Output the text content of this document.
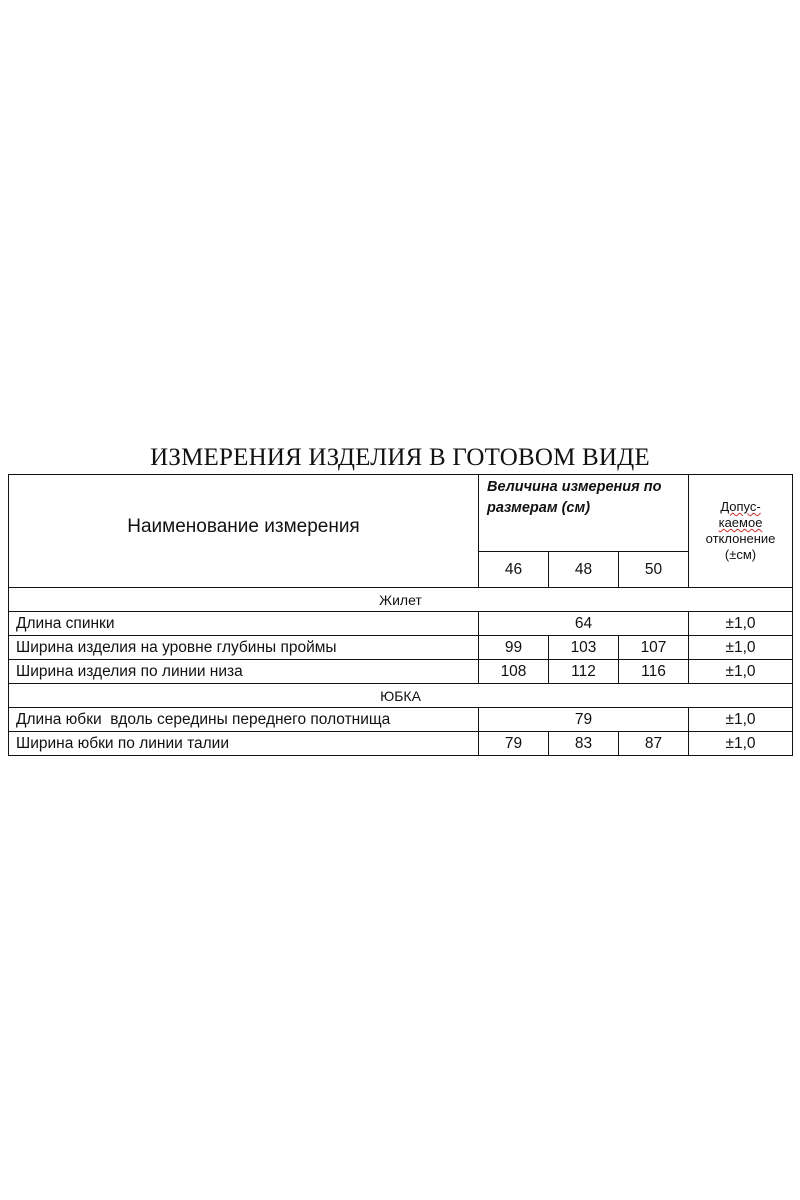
ИЗМЕРЕНИЯ ИЗДЕЛИЯ В ГОТОВОМ ВИДЕ
Наименование измерения	Величина измерения по размерам (см)			Допус-
каемое
отклонение
(±см)
	46	48	50	
Жилет				
Длина спинки	64			±1,0
Ширина изделия на уровне глубины проймы	99	103	107	±1,0
Ширина изделия по линии низа	108	112	116	±1,0
ЮБКА				
Длина юбки  вдоль середины переднего полотнища	79			±1,0
Ширина юбки по линии талии	79	83	87	±1,0
